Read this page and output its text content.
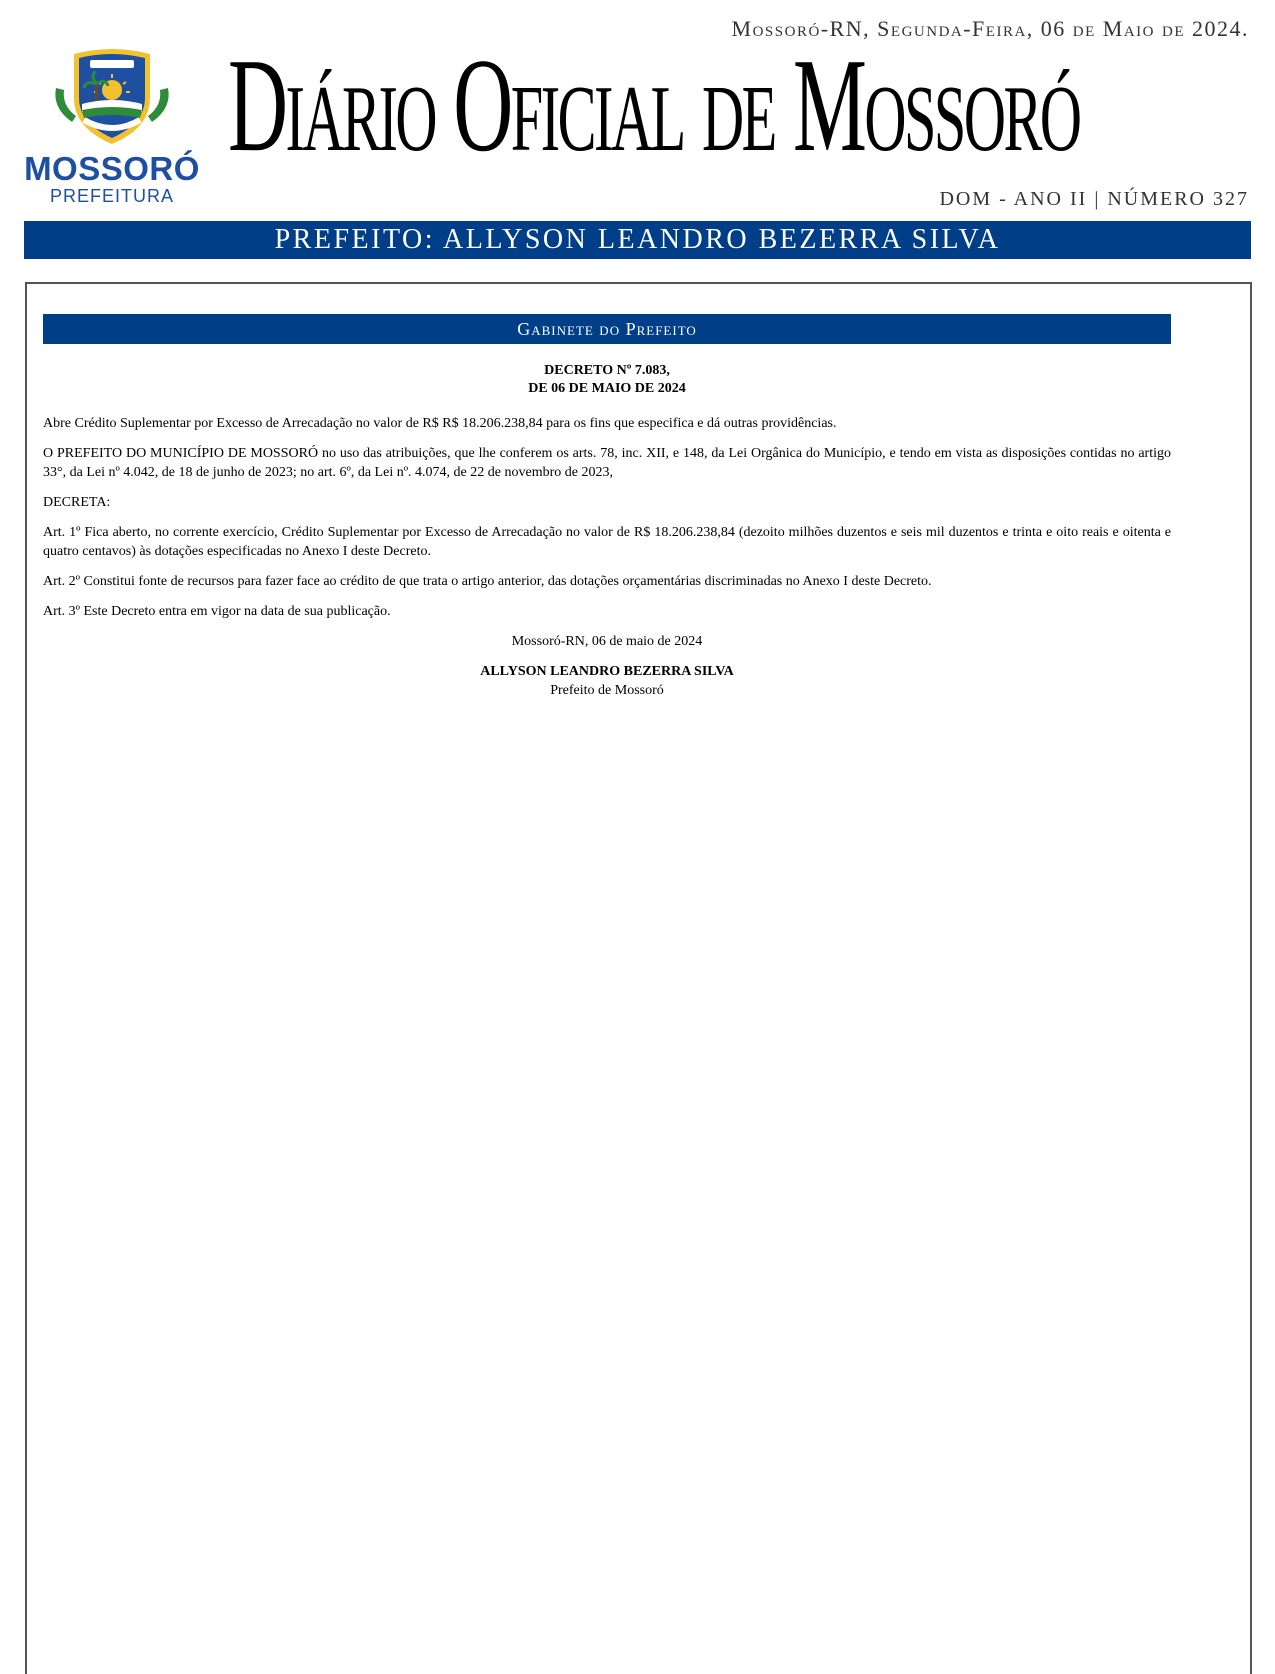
MOSSORÓ
PREFEITURA
Mossoró-RN, Segunda-Feira, 06 de Maio de 2024.
Diário Oficial de Mossoró
DOM - ANO II | NÚMERO 327
PREFEITO: ALLYSON LEANDRO BEZERRA SILVA
Gabinete do Prefeito
DECRETO Nº 7.083,
DE 06 DE MAIO DE 2024

Abre Crédito Suplementar por Excesso de Arrecadação no valor de R$ R$ 18.206.238,84 para os fins que especifica e dá outras providências.

O PREFEITO DO MUNICÍPIO DE MOSSORÓ no uso das atribuições, que lhe conferem os arts. 78, inc. XII, e 148, da Lei Orgânica do Município, e tendo em vista as disposições contidas no artigo 33°, da Lei nº 4.042, de 18 de junho de 2023; no art. 6º, da Lei nº. 4.074, de 22 de novembro de 2023,

DECRETA:

Art. 1º Fica aberto, no corrente exercício, Crédito Suplementar por Excesso de Arrecadação no valor de R$ 18.206.238,84 (dezoito milhões duzentos e seis mil duzentos e trinta e oito reais e oitenta e quatro centavos) às dotações especificadas no Anexo I deste Decreto.

Art. 2º Constitui fonte de recursos para fazer face ao crédito de que trata o artigo anterior, das dotações orçamentárias discriminadas no Anexo I deste Decreto.

Art. 3º Este Decreto entra em vigor na data de sua publicação.

Mossoró-RN, 06 de maio de 2024
ALLYSON LEANDRO BEZERRA SILVA
Prefeito de Mossoró
